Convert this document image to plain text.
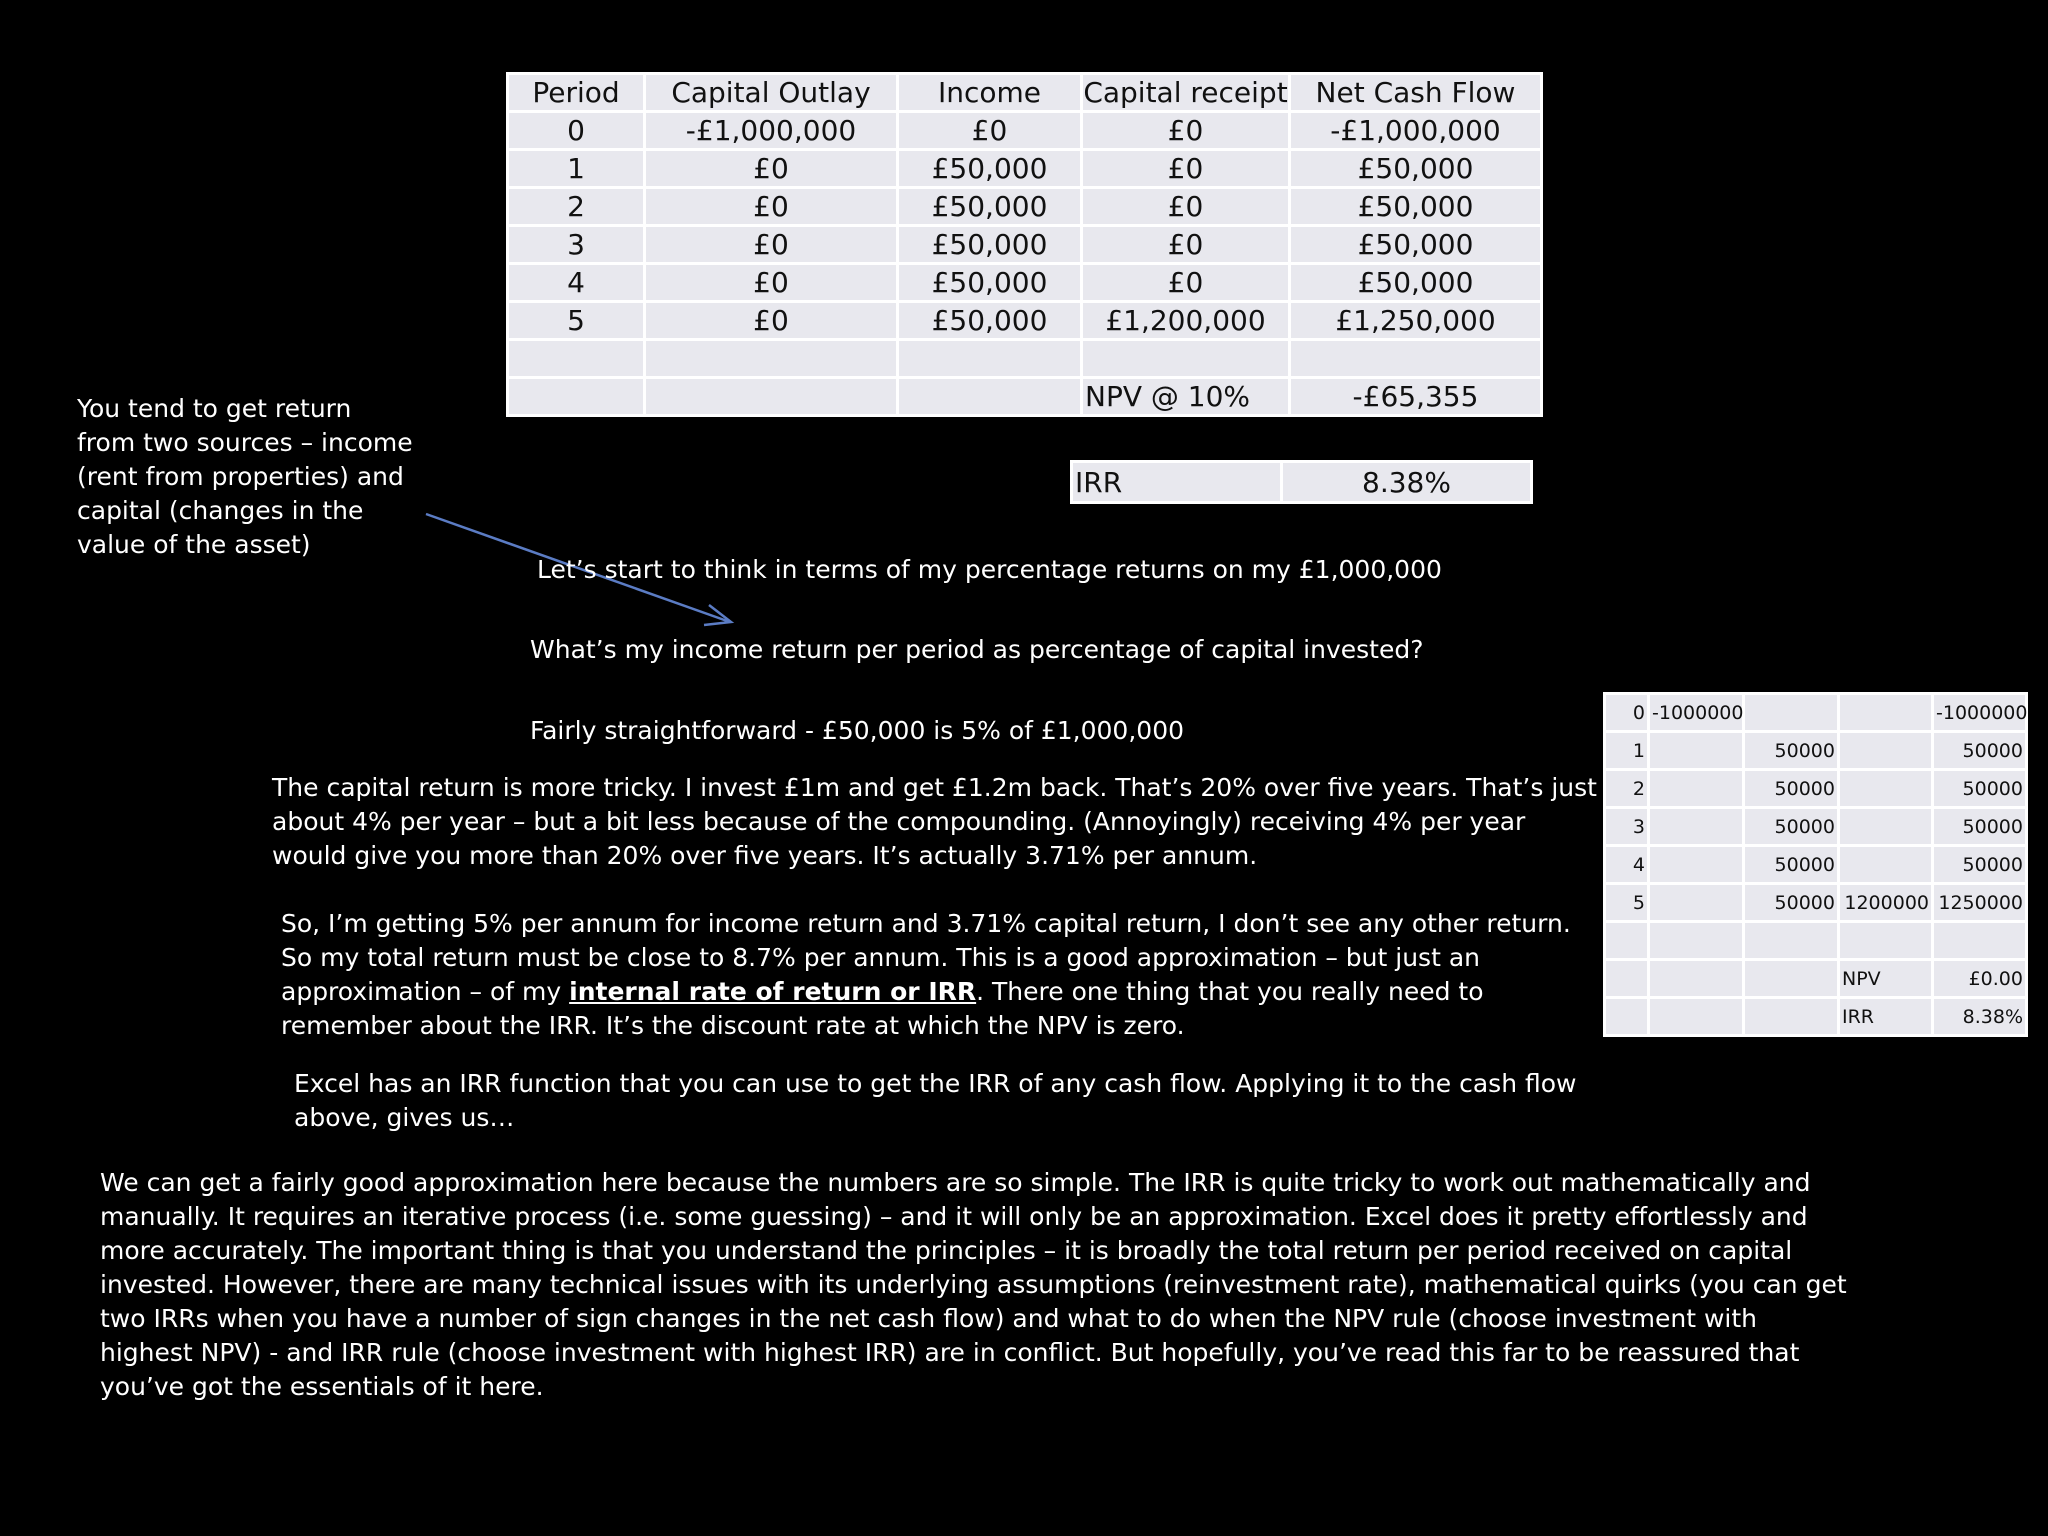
Period	Capital Outlay	Income	Capital receipt	Net Cash Flow
0	-£1,000,000	£0	£0	-£1,000,000
1	£0	£50,000	£0	£50,000
2	£0	£50,000	£0	£50,000
3	£0	£50,000	£0	£50,000
4	£0	£50,000	£0	£50,000
5	£0	£50,000	£1,200,000	£1,250,000

			NPV @ 10%	-£65,355
IRR	8.38%
You tend to get return from two sources – income (rent from properties) and capital (changes in the value of the asset)
Let’s start to think in terms of my percentage returns on my £1,000,000
What’s my income return per period as percentage of capital invested?
Fairly straightforward - £50,000 is 5% of £1,000,000
The capital return is more tricky. I invest £1m and get £1.2m back. That’s 20% over five years. That’s just about 4% per year – but a bit less because of the compounding. (Annoyingly) receiving 4% per year would give you more than 20% over five years. It’s actually 3.71% per annum.
So, I’m getting 5% per annum for income return and 3.71% capital return, I don’t see any other return. So my total return must be close to 8.7% per annum. This is a good approximation – but just an approximation – of my internal rate of return or IRR. There one thing that you really need to remember about the IRR. It’s the discount rate at which the NPV is zero.
Excel has an IRR function that you can use to get the IRR of any cash flow. Applying it to the cash flow above, gives us…
We can get a fairly good approximation here because the numbers are so simple. The IRR is quite tricky to work out mathematically and manually. It requires an iterative process (i.e. some guessing) – and it will only be an approximation. Excel does it pretty effortlessly and more accurately. The important thing is that you understand the principles – it is broadly the total return per period received on capital invested. However, there are many technical issues with its underlying assumptions (reinvestment rate), mathematical quirks (you can get two IRRs when you have a number of sign changes in the net cash flow) and what to do when the NPV rule (choose investment with highest NPV) - and IRR rule (choose investment with highest IRR) are in conflict. But hopefully, you’ve read this far to be reassured that you’ve got the essentials of it here.
0	-1000000			-1000000
1		50000		50000
2		50000		50000
3		50000		50000
4		50000		50000
5		50000	1200000	1250000

			NPV	£0.00
			IRR	8.38%
